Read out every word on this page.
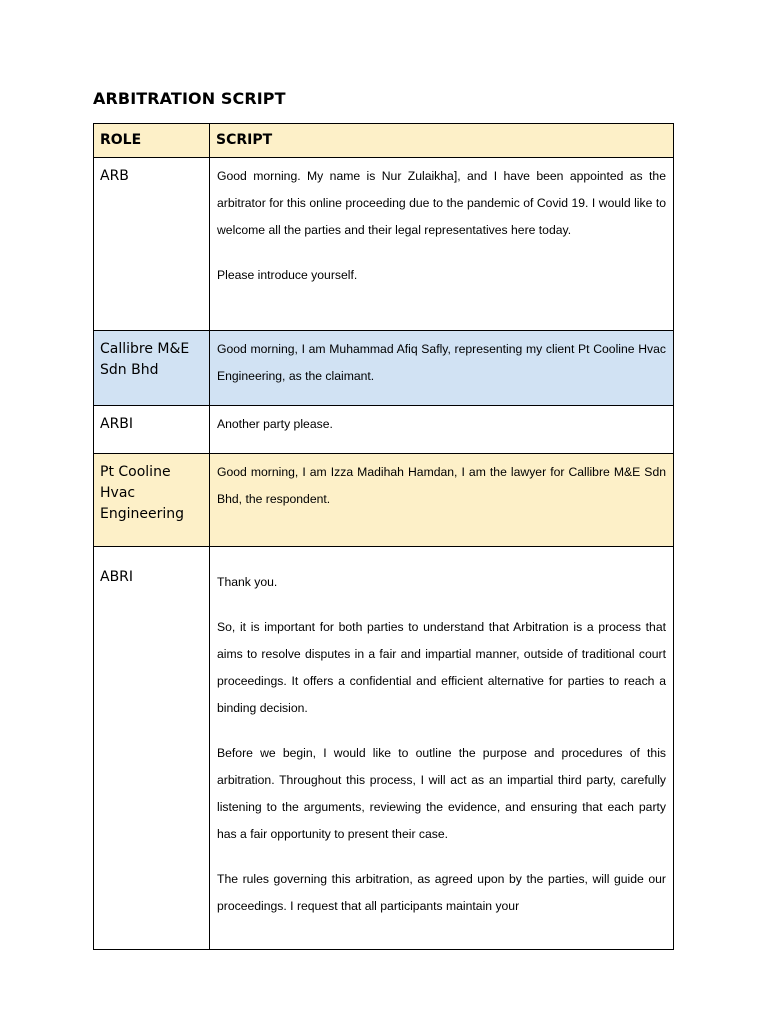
ARBITRATION SCRIPT
ROLE	SCRIPT
ARB	Good morning. My name is Nur Zulaikha], and I have been appointed as the arbitrator for this online proceeding due to the pandemic of Covid 19. I would like to welcome all the parties and their legal representatives here today.

Please introduce yourself.

Callibre M&E Sdn Bhd	Good morning, I am Muhammad Afiq Safly, representing my client Pt Cooline Hvac Engineering, as the claimant.

ARBI	Another party please.

Pt Cooline Hvac Engineering	Good morning, I am Izza Madihah Hamdan, I am the lawyer for Callibre M&E Sdn Bhd, the respondent.

ABRI	Thank you.

So, it is important for both parties to understand that Arbitration is a process that aims to resolve disputes in a fair and impartial manner, outside of traditional court proceedings. It offers a confidential and efficient alternative for parties to reach a binding decision.

Before we begin, I would like to outline the purpose and procedures of this arbitration. Throughout this process, I will act as an impartial third party, carefully listening to the arguments, reviewing the evidence, and ensuring that each party has a fair opportunity to present their case.

The rules governing this arbitration, as agreed upon by the parties, will guide our proceedings. I request that all participants maintain your
